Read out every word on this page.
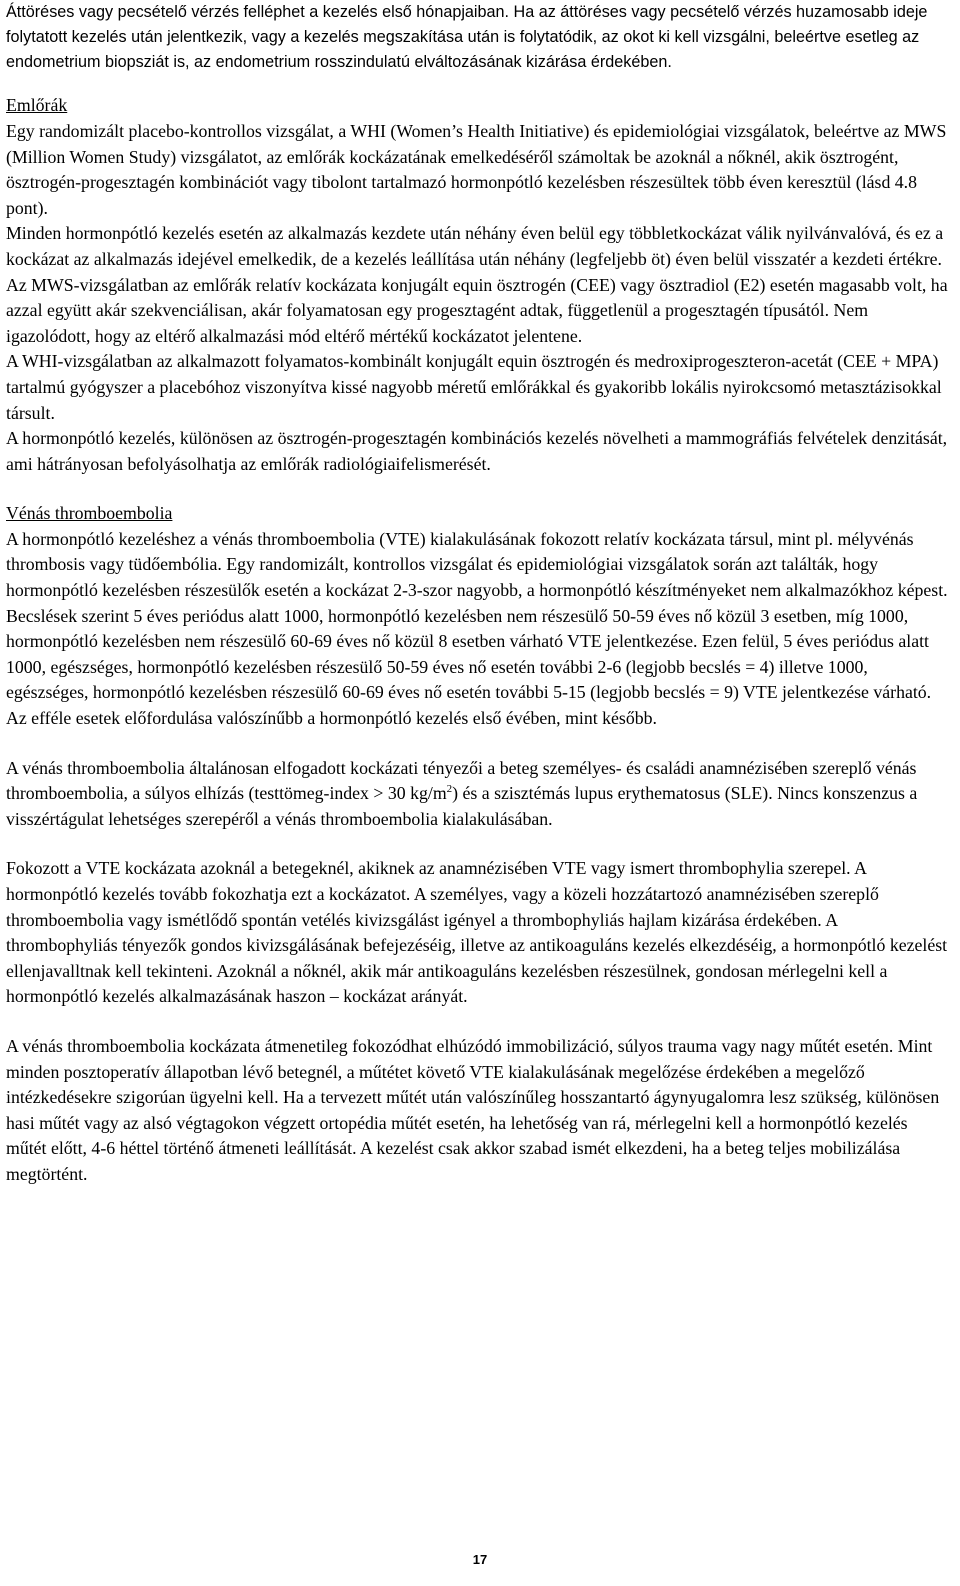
Áttöréses vagy pecsételő vérzés felléphet a kezelés első hónapjaiban. Ha az áttöréses vagy pecsételő vérzés huzamosabb ideje folytatott kezelés után jelentkezik, vagy a kezelés megszakítása után is folytatódik, az okot ki kell vizsgálni, beleértve esetleg az endometrium biopsziát is, az endometrium rosszindulatú elváltozásának kizárása érdekében.

Emlőrák

Egy randomizált placebo-kontrollos vizsgálat, a WHI (Women’s Health Initiative) és epidemiológiai vizsgálatok, beleértve az MWS (Million Women Study) vizsgálatot, az emlőrák kockázatának emelkedéséről számoltak be azoknál a nőknél, akik ösztrogént, ösztrogén-progesztagén kombinációt vagy tibolont tartalmazó hormonpótló kezelésben részesültek több éven keresztül (lásd 4.8 pont).

Minden hormonpótló kezelés esetén az alkalmazás kezdete után néhány éven belül egy többletkockázat válik nyilvánvalóvá, és ez a kockázat az alkalmazás idejével emelkedik, de a kezelés leállítása után néhány (legfeljebb öt) éven belül visszatér a kezdeti értékre.

Az MWS-vizsgálatban az emlőrák relatív kockázata konjugált equin ösztrogén (CEE) vagy ösztradiol (E2) esetén magasabb volt, ha azzal együtt akár szekvenciálisan, akár folyamatosan egy progesztagént adtak, függetlenül a progesztagén típusától. Nem igazolódott, hogy az eltérő alkalmazási mód eltérő mértékű kockázatot jelentene.

A WHI-vizsgálatban az alkalmazott folyamatos-kombinált konjugált equin ösztrogén és medroxiprogeszteron-acetát (CEE + MPA) tartalmú gyógyszer a placebóhoz viszonyítva kissé nagyobb méretű emlőrákkal és gyakoribb lokális nyirokcsomó metasztázisokkal társult.

A hormonpótló kezelés, különösen az ösztrogén-progesztagén kombinációs kezelés növelheti a mammográfiás felvételek denzitását, ami hátrányosan befolyásolhatja az emlőrák radiológiaifelismerését.

Vénás thromboembolia

A hormonpótló kezeléshez a vénás thromboembolia (VTE) kialakulásának fokozott relatív kockázata társul, mint pl. mélyvénás thrombosis vagy tüdőembólia. Egy randomizált, kontrollos vizsgálat és epidemiológiai vizsgálatok során azt találták, hogy hormonpótló kezelésben részesülők esetén a kockázat 2-3-szor nagyobb, a hormonpótló készítményeket nem alkalmazókhoz képest. Becslések szerint 5 éves periódus alatt 1000, hormonpótló kezelésben nem részesülő 50-59 éves nő közül 3 esetben, míg 1000, hormonpótló kezelésben nem részesülő 60-69 éves nő közül 8 esetben várható VTE jelentkezése. Ezen felül, 5 éves periódus alatt 1000, egészséges, hormonpótló kezelésben részesülő 50-59 éves nő esetén további 2-6 (legjobb becslés = 4) illetve 1000, egészséges, hormonpótló kezelésben részesülő 60-69 éves nő esetén további 5-15 (legjobb becslés = 9) VTE jelentkezése várható. Az efféle esetek előfordulása valószínűbb a hormonpótló kezelés első évében, mint később.

A vénás thromboembolia általánosan elfogadott kockázati tényezői a beteg személyes- és családi anamnézisében szereplő vénás thromboembolia, a súlyos elhízás (testtömeg-index > 30 $kg/m^2$) és a szisztémás lupus erythematosus (SLE). Nincs konszenzus a visszértágulat lehetséges szerepéről a vénás thromboembolia kialakulásában.

Fokozott a VTE kockázata azoknál a betegeknél, akiknek az anamnézisében VTE vagy ismert thrombophylia szerepel. A hormonpótló kezelés tovább fokozhatja ezt a kockázatot. A személyes, vagy a közeli hozzátartozó anamnézisében szereplő thromboembolia vagy ismétlődő spontán vetélés kivizsgálást igényel a thrombophyliás hajlam kizárása érdekében. A thrombophyliás tényezők gondos kivizsgálásának befejezéséig, illetve az antikoaguláns kezelés elkezdéséig, a hormonpótló kezelést ellenjavalltnak kell tekinteni. Azoknál a nőknél, akik már antikoaguláns kezelésben részesülnek, gondosan mérlegelni kell a hormonpótló kezelés alkalmazásának haszon – kockázat arányát.

A vénás thromboembolia kockázata átmenetileg fokozódhat elhúzódó immobilizáció, súlyos trauma vagy nagy műtét esetén. Mint minden posztoperatív állapotban lévő betegnél, a műtétet követő VTE kialakulásának megelőzése érdekében a megelőző intézkedésekre szigorúan ügyelni kell. Ha a tervezett műtét után valószínűleg hosszantartó ágynyugalomra lesz szükség, különösen hasi műtét vagy az alsó végtagokon végzett ortopédia műtét esetén, ha lehetőség van rá, mérlegelni kell a hormonpótló kezelés műtét előtt, 4-6 héttel történő átmeneti leállítását. A kezelést csak akkor szabad ismét elkezdeni, ha a beteg teljes mobilizálása megtörtént.

17
